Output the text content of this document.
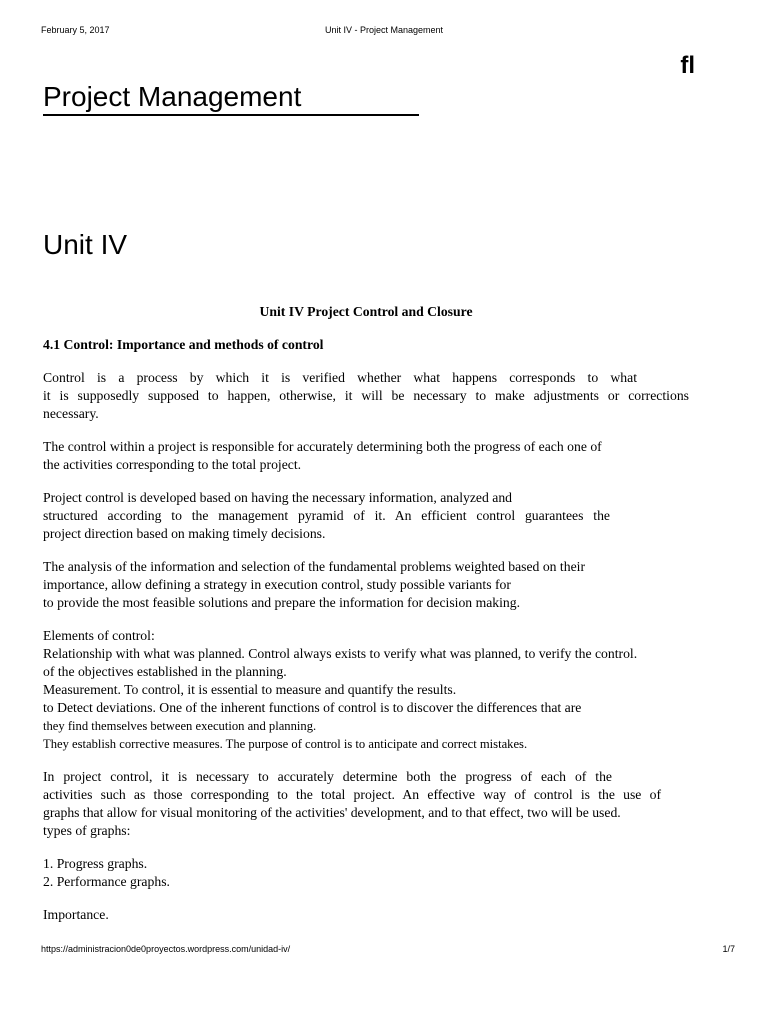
February 5, 2017	Unit IV - Project Management
fl
Project Management
Unit IV
Unit IV Project Control and Closure
4.1 Control: Importance and methods of control
Control is a process by which it is verified whether what happens corresponds to what
it is supposedly supposed to happen, otherwise, it will be necessary to make adjustments or corrections
necessary.
The control within a project is responsible for accurately determining both the progress of each one of
the activities corresponding to the total project.
Project control is developed based on having the necessary information, analyzed and
structured according to the management pyramid of it. An efficient control guarantees the
project direction based on making timely decisions.
The analysis of the information and selection of the fundamental problems weighted based on their
importance, allow defining a strategy in execution control, study possible variants for
to provide the most feasible solutions and prepare the information for decision making.
Elements of control:
Relationship with what was planned. Control always exists to verify what was planned, to verify the control.
of the objectives established in the planning.
Measurement. To control, it is essential to measure and quantify the results.
to Detect deviations. One of the inherent functions of control is to discover the differences that are
they find themselves between execution and planning.
They establish corrective measures. The purpose of control is to anticipate and correct mistakes.
In project control, it is necessary to accurately determine both the progress of each of the
activities such as those corresponding to the total project. An effective way of control is the use of
graphs that allow for visual monitoring of the activities' development, and to that effect, two will be used.
types of graphs:
1. Progress graphs.
2. Performance graphs.
Importance.
https://administracion0de0proyectos.wordpress.com/unidad-iv/	1/7
